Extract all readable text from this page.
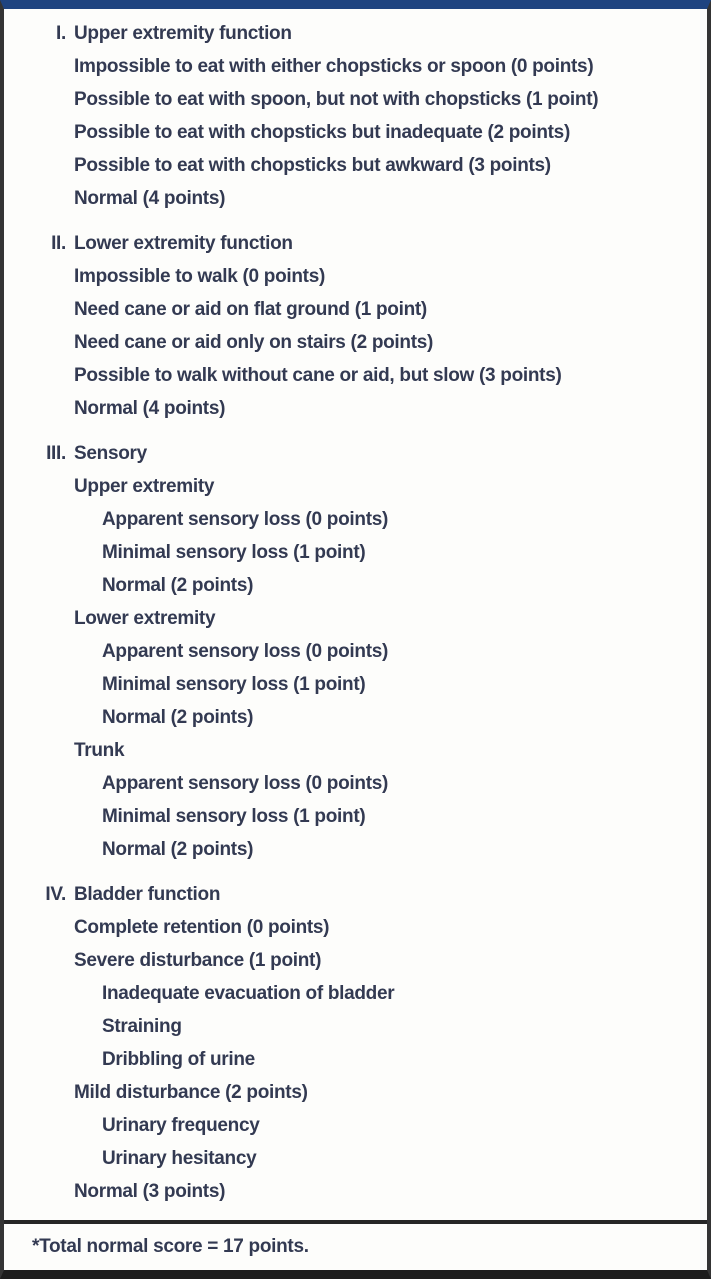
I. Upper extremity function
Impossible to eat with either chopsticks or spoon (0 points)
Possible to eat with spoon, but not with chopsticks (1 point)
Possible to eat with chopsticks but inadequate (2 points)
Possible to eat with chopsticks but awkward (3 points)
Normal (4 points)
II. Lower extremity function
Impossible to walk (0 points)
Need cane or aid on flat ground (1 point)
Need cane or aid only on stairs (2 points)
Possible to walk without cane or aid, but slow (3 points)
Normal (4 points)
III. Sensory
Upper extremity
Apparent sensory loss (0 points)
Minimal sensory loss (1 point)
Normal (2 points)
Lower extremity
Apparent sensory loss (0 points)
Minimal sensory loss (1 point)
Normal (2 points)
Trunk
Apparent sensory loss (0 points)
Minimal sensory loss (1 point)
Normal (2 points)
IV. Bladder function
Complete retention (0 points)
Severe disturbance (1 point)
Inadequate evacuation of bladder
Straining
Dribbling of urine
Mild disturbance (2 points)
Urinary frequency
Urinary hesitancy
Normal (3 points)
*Total normal score = 17 points.
